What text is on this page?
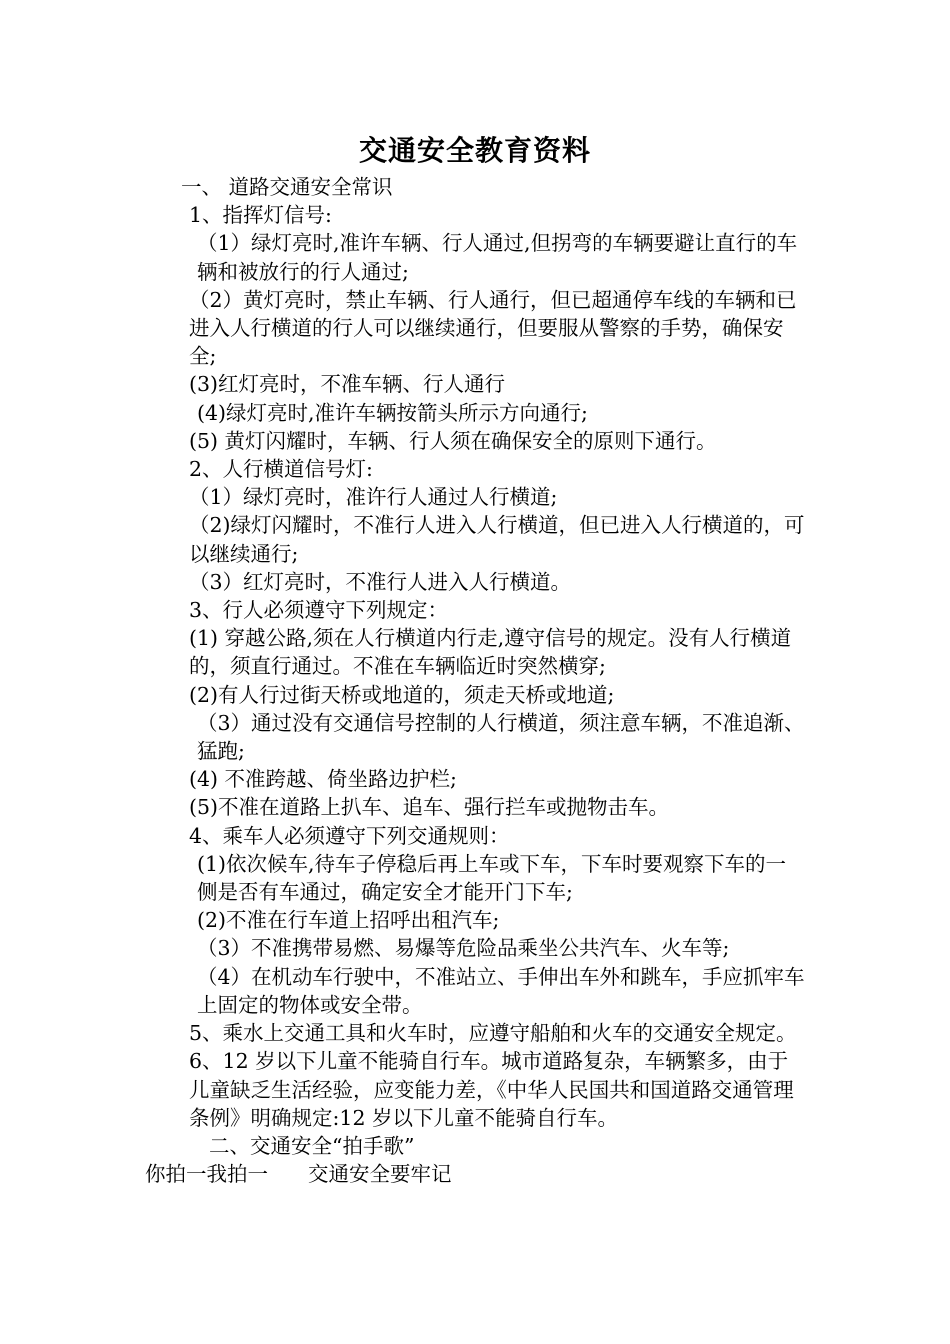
交通安全教育资料

一、 道路交通安全常识

1、指挥灯信号:

（1）绿灯亮时,准许车辆、行人通过,但拐弯的车辆要避让直行的车辆和被放行的行人通过;

（2）黄灯亮时，禁止车辆、行人通行，但已超通停车线的车辆和已进入人行横道的行人可以继续通行，但要服从警察的手势，确保安全;

(3)红灯亮时，不准车辆、行人通行

(4)绿灯亮时,准许车辆按箭头所示方向通行;

(5) 黄灯闪耀时，车辆、行人须在确保安全的原则下通行。

2、人行横道信号灯:

（1）绿灯亮时，准许行人通过人行横道;

（2)绿灯闪耀时，不准行人进入人行横道，但已进入人行横道的，可以继续通行;

（3）红灯亮时，不准行人进入人行横道。

3、行人必须遵守下列规定：

(1) 穿越公路,须在人行横道内行走,遵守信号的规定。没有人行横道的，须直行通过。不准在车辆临近时突然横穿;

(2)有人行过街天桥或地道的，须走天桥或地道;

（3）通过没有交通信号控制的人行横道，须注意车辆，不准追渐、猛跑;

(4) 不准跨越、倚坐路边护栏;

(5)不准在道路上扒车、追车、强行拦车或抛物击车。

4、乘车人必须遵守下列交通规则：

(1)依次候车,待车子停稳后再上车或下车，下车时要观察下车的一侧是否有车通过，确定安全才能开门下车;

(2)不准在行车道上招呼出租汽车;

（3）不准携带易燃、易爆等危险品乘坐公共汽车、火车等;

（4）在机动车行驶中，不准站立、手伸出车外和跳车，手应抓牢车上固定的物体或安全带。

5、乘水上交通工具和火车时，应遵守船舶和火车的交通安全规定。

6、12 岁以下儿童不能骑自行车。城市道路复杂，车辆繁多，由于儿童缺乏生活经验，应变能力差，《中华人民国共和国道路交通管理条例》明确规定:12 岁以下儿童不能骑自行车。

二、交通安全“拍手歌”

你拍一我拍一 交通安全要牢记
